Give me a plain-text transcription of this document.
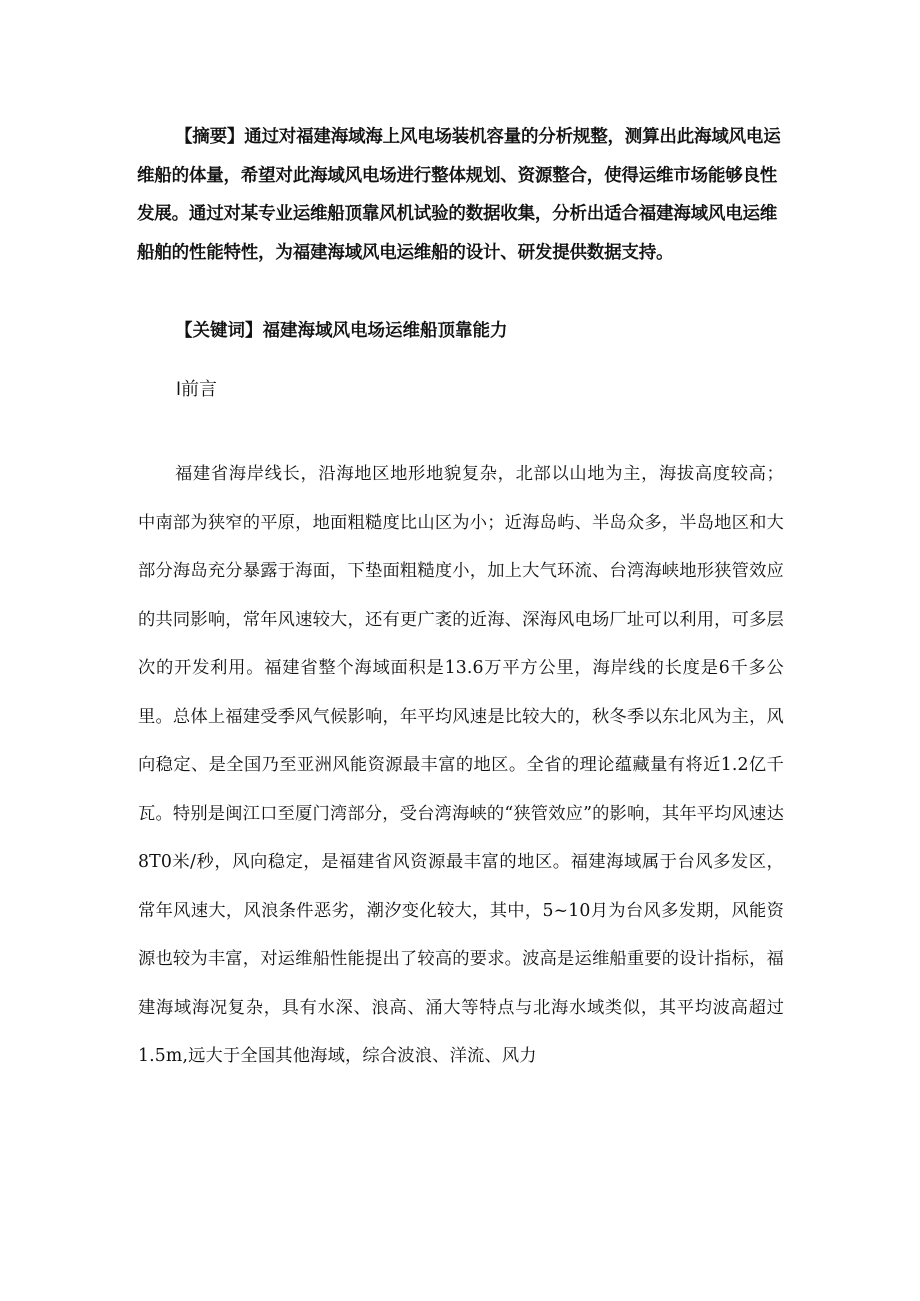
【摘要】通过对福建海域海上风电场装机容量的分析规整，测算出此海域风电运维船的体量，希望对此海域风电场进行整体规划、资源整合，使得运维市场能够良性发展。通过对某专业运维船顶靠风机试验的数据收集，分析出适合福建海域风电运维船舶的性能特性，为福建海域风电运维船的设计、研发提供数据支持。

【关键词】福建海域风电场运维船顶靠能力

l前言

福建省海岸线长，沿海地区地形地貌复杂，北部以山地为主，海拔高度较高；中南部为狭窄的平原，地面粗糙度比山区为小；近海岛屿、半岛众多，半岛地区和大部分海岛充分暴露于海面，下垫面粗糙度小，加上大气环流、台湾海峡地形狭管效应的共同影响，常年风速较大，还有更广袤的近海、深海风电场厂址可以利用，可多层次的开发利用。福建省整个海域面积是13.6万平方公里，海岸线的长度是6千多公里。总体上福建受季风气候影响，年平均风速是比较大的，秋冬季以东北风为主，风向稳定、是全国乃至亚洲风能资源最丰富的地区。全省的理论蕴藏量有将近1.2亿千瓦。特别是闽江口至厦门湾部分，受台湾海峡的“狭管效应”的影响，其年平均风速达8T0米/秒，风向稳定，是福建省风资源最丰富的地区。福建海域属于台风多发区，常年风速大，风浪条件恶劣，潮汐变化较大，其中，5~10月为台风多发期，风能资源也较为丰富，对运维船性能提出了较高的要求。波高是运维船重要的设计指标，福建海域海况复杂，具有水深、浪高、涌大等特点与北海水域类似，其平均波高超过1.5m,远大于全国其他海域，综合波浪、洋流、风力
